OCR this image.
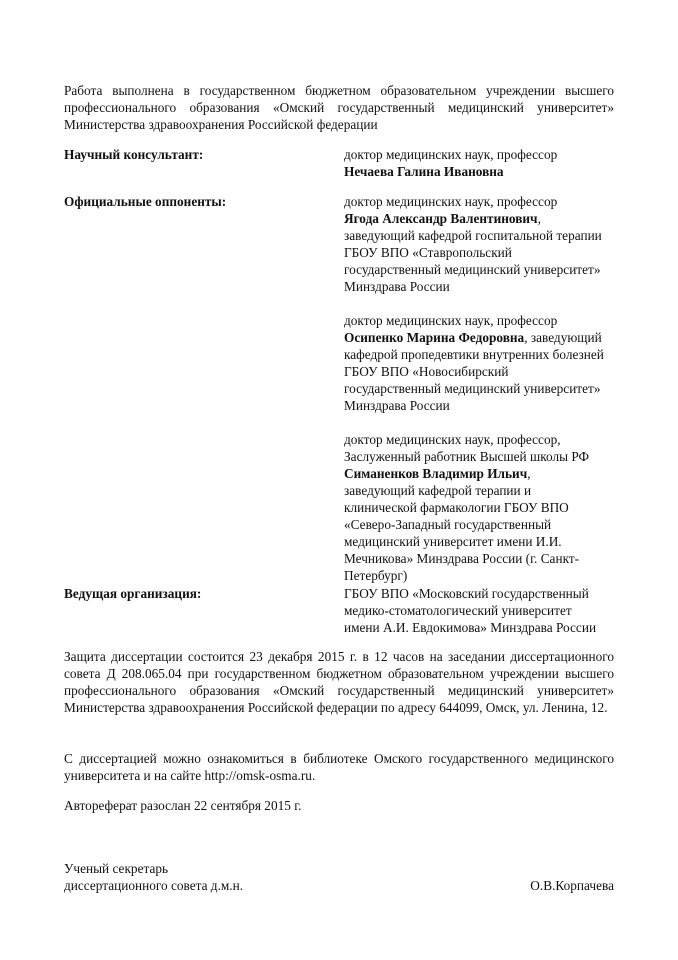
Работа выполнена в государственном бюджетном образовательном учреждении высшего профессионального образования «Омский государственный медицинский университет» Министерства здравоохранения Российской федерации

Научный консультант:	доктор медицинских наук, профессор
Нечаева Галина Ивановна
Официальные оппоненты:	доктор медицинских наук, профессор
Ягода Александр Валентинович,
заведующий кафедрой госпитальной терапии
ГБОУ ВПО «Ставропольский
государственный медицинский университет»
Минздрава России
доктор медицинских наук, профессор
Осипенко Марина Федоровна, заведующий
кафедрой пропедевтики внутренних болезней
ГБОУ ВПО «Новосибирский
государственный медицинский университет»
Минздрава России
доктор медицинских наук, профессор,
Заслуженный работник Высшей школы РФ
Симаненков Владимир Ильич,
заведующий кафедрой терапии и
клинической фармакологии ГБОУ ВПО
«Северо-Западный государственный
медицинский университет имени И.И.
Мечникова» Минздрава России (г. Санкт-
Петербург)
Ведущая организация:	ГБОУ ВПО «Московский государственный
медико-стоматологический университет
имени А.И. Евдокимова» Минздрава России

Защита диссертации состоится 23 декабря 2015 г. в 12 часов на заседании диссертационного совета Д 208.065.04 при государственном бюджетном образовательном учреждении высшего профессионального образования «Омский государственный медицинский университет» Министерства здравоохранения Российской федерации по адресу 644099, Омск, ул. Ленина, 12.

С диссертацией можно ознакомиться в библиотеке Омского государственного медицинского университета и на сайте http://omsk-osma.ru.

Автореферат разослан 22 сентября 2015 г.

Ученый секретарь
диссертационного совета д.м.н.	О.В.Корпачева
